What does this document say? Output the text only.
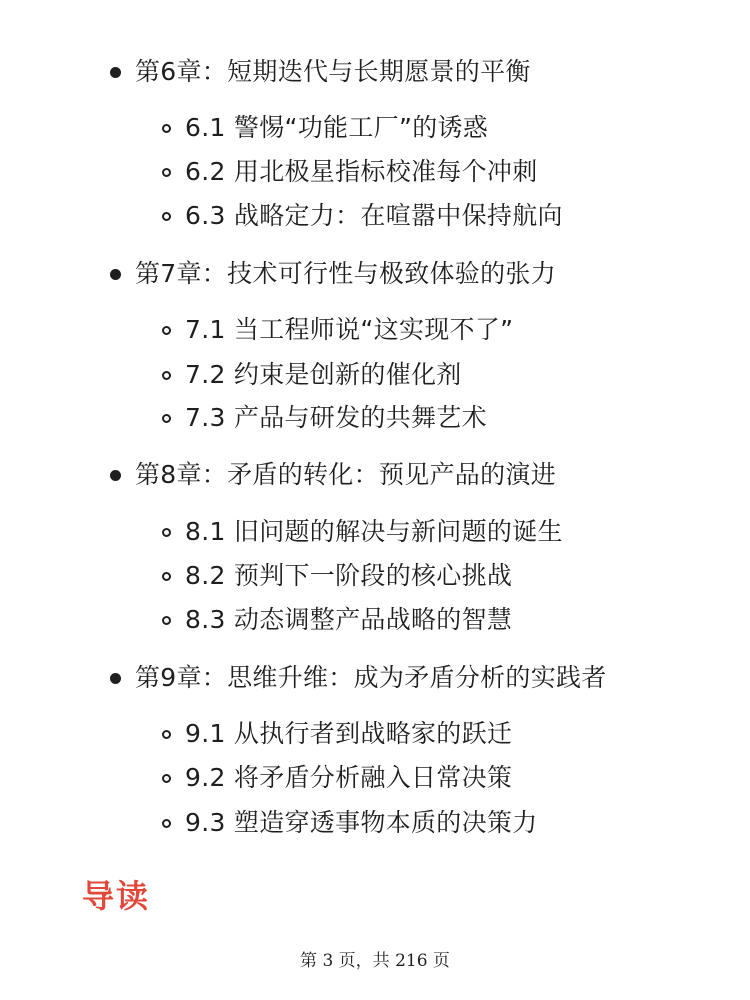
第6章：短期迭代与长期愿景的平衡
6.1 警惕“功能工厂”的诱惑
6.2 用北极星指标校准每个冲刺
6.3 战略定力：在喧嚣中保持航向
第7章：技术可行性与极致体验的张力
7.1 当工程师说“这实现不了”
7.2 约束是创新的催化剂
7.3 产品与研发的共舞艺术
第8章：矛盾的转化：预见产品的演进
8.1 旧问题的解决与新问题的诞生
8.2 预判下一阶段的核心挑战
8.3 动态调整产品战略的智慧
第9章：思维升维：成为矛盾分析的实践者
9.1 从执行者到战略家的跃迁
9.2 将矛盾分析融入日常决策
9.3 塑造穿透事物本质的决策力
导读
第 3 页，共 216 页
